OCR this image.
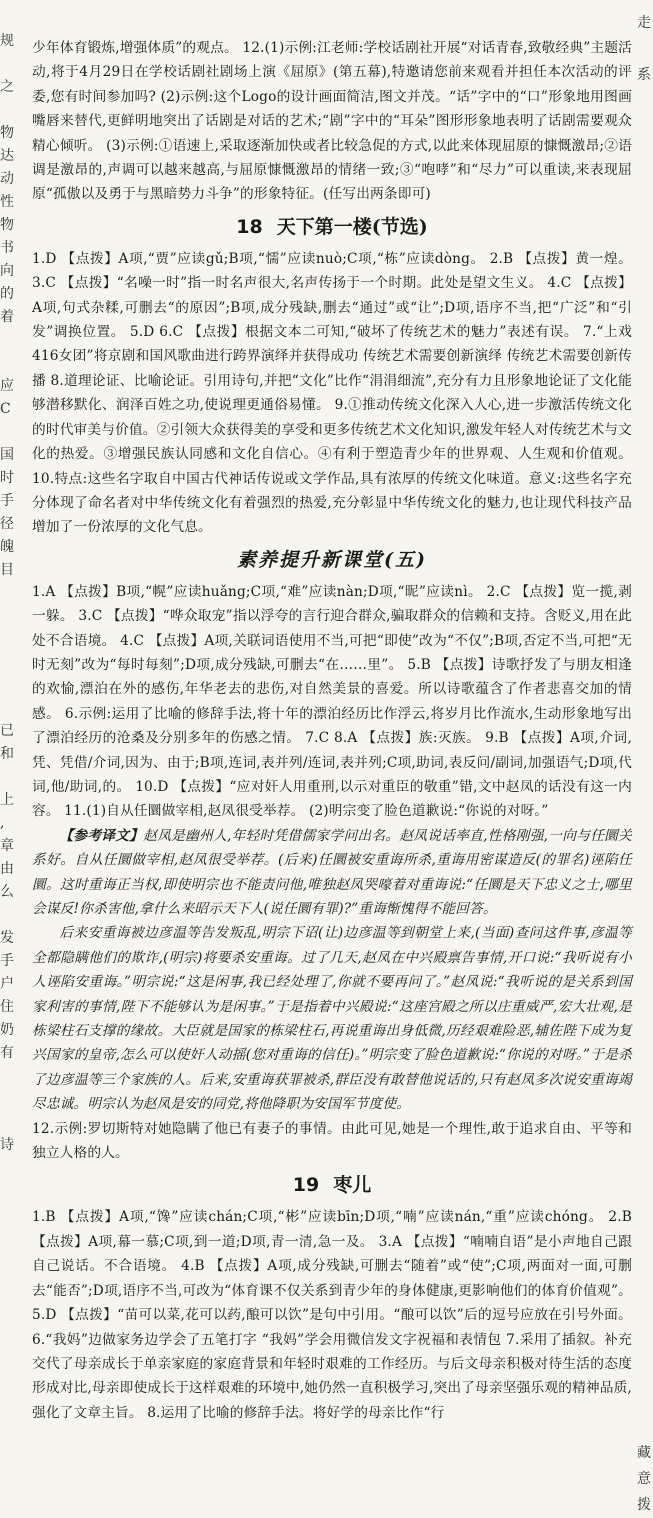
规

之

物
达
动
性
物
书
向
的
着

应
C

国
时
手
径
魄
目

已
和

上
,
章
由
么

发
手
户
住
奶
有

诗
走

系

藏
意
拨

少年体育锻炼,增强体质”的观点。 12.(1)示例:江老师:学校话剧社开展“对话青春,致敬经典”主题活动,将于4月29日在学校话剧社剧场上演《屈原》(第五幕),特邀请您前来观看并担任本次活动的评委,您有时间参加吗? (2)示例:这个Logo的设计画面简洁,图文并茂。“话”字中的“口”形象地用图画嘴唇来替代,更鲜明地突出了话剧是对话的艺术;“剧”字中的“耳朵”图形形象地表明了话剧需要观众精心倾听。 (3)示例:①语速上,采取逐渐加快或者比较急促的方式,以此来体现屈原的慷慨激昂;②语调是激昂的,声调可以越来越高,与屈原慷慨激昂的情绪一致;③“咆哮”和“尽力”可以重读,来表现屈原“孤傲以及勇于与黑暗势力斗争”的形象特征。(任写出两条即可)

18 天下第一楼(节选)

1.D 【点拨】A项,“贾”应读gǔ;B项,“懦”应读nuò;C项,“栋”应读dòng。 2.B 【点拨】黄一煌。 3.C 【点拨】“名噪一时”指一时名声很大,名声传扬于一个时期。此处是望文生义。 4.C 【点拨】A项,句式杂糅,可删去“的原因”;B项,成分残缺,删去“通过”或“让”;D项,语序不当,把“广泛”和“引发”调换位置。 5.D 6.C 【点拨】根据文本二可知,“破坏了传统艺术的魅力”表述有误。 7.“上戏416女团”将京剧和国风歌曲进行跨界演绎并获得成功 传统艺术需要创新演绎 传统艺术需要创新传播 8.道理论证、比喻论证。引用诗句,并把“文化”比作“涓涓细流”,充分有力且形象地论证了文化能够潜移默化、润泽百姓之功,使说理更通俗易懂。 9.①推动传统文化深入人心,进一步激活传统文化的时代审美与价值。②引领大众获得美的享受和更多传统艺术文化知识,激发年轻人对传统艺术与文化的热爱。③增强民族认同感和文化自信心。④有利于塑造青少年的世界观、人生观和价值观。 10.特点:这些名字取自中国古代神话传说或文学作品,具有浓厚的传统文化味道。意义:这些名字充分体现了命名者对中华传统文化有着强烈的热爱,充分彰显中华传统文化的魅力,也让现代科技产品增加了一份浓厚的文化气息。

素养提升新课堂(五)

1.A 【点拨】B项,“幌”应读huǎng;C项,“难”应读nàn;D项,“昵”应读nì。 2.C 【点拨】览一揽,剥一躲。 3.C 【点拨】“哗众取宠”指以浮夸的言行迎合群众,骗取群众的信赖和支持。含贬义,用在此处不合语境。 4.C 【点拨】A项,关联词语使用不当,可把“即使”改为“不仅”;B项,否定不当,可把“无时无刻”改为“每时每刻”;D项,成分残缺,可删去“在……里”。 5.B 【点拨】诗歌抒发了与朋友相逢的欢愉,漂泊在外的感伤,年华老去的悲伤,对自然美景的喜爱。所以诗歌蕴含了作者悲喜交加的情感。 6.示例:运用了比喻的修辞手法,将十年的漂泊经历比作浮云,将岁月比作流水,生动形象地写出了漂泊经历的沧桑及分别多年的伤感之情。 7.C 8.A 【点拨】族:灭族。 9.B 【点拨】A项,介词,凭、凭借/介词,因为、由于;B项,连词,表并列/连词,表并列;C项,助词,表反问/副词,加强语气;D项,代词,他/助词,的。 10.D 【点拨】“应对奸人用重刑,以示对重臣的敬重”错,文中赵凤的话没有这一内容。 11.(1)自从任圜做宰相,赵凤很受举荐。 (2)明宗变了脸色道歉说:“你说的对呀。”

【参考译文】赵凤是幽州人,年轻时凭借儒家学问出名。赵凤说话率直,性格刚强,一向与任圜关系好。自从任圜做宰相,赵凤很受举荐。(后来)任圜被安重诲所杀,重诲用密谋造反(的罪名)诬陷任圜。这时重诲正当权,即使明宗也不能责问他,唯独赵凤哭嚎着对重诲说:“任圜是天下忠义之士,哪里会谋反!你杀害他,拿什么来昭示天下人(说任圜有罪)?”重诲惭愧得不能回答。

后来安重诲被边彦温等告发叛乱,明宗下诏(让)边彦温等到朝堂上来,(当面)查问这件事,彦温等全都隐瞒他们的欺诈,(明宗)将要杀安重诲。过了几天,赵凤在中兴殿禀告事情,开口说:“我听说有小人诬陷安重诲。”明宗说:“这是闲事,我已经处理了,你就不要再问了。”赵凤说:“我听说的是关系到国家利害的事情,陛下不能够认为是闲事。”于是指着中兴殿说:“这座宫殿之所以庄重威严,宏大壮观,是栋梁柱石支撑的缘故。大臣就是国家的栋梁柱石,再说重诲出身低微,历经艰难险恶,辅佐陛下成为复兴国家的皇帝,怎么可以使奸人动摇(您对重诲的信任)。”明宗变了脸色道歉说:“你说的对呀。”于是杀了边彦温等三个家族的人。后来,安重诲获罪被杀,群臣没有敢替他说话的,只有赵凤多次说安重诲竭尽忠诚。明宗认为赵凤是安的同党,将他降职为安国军节度使。

12.示例:罗切斯特对她隐瞒了他已有妻子的事情。由此可见,她是一个理性,敢于追求自由、平等和独立人格的人。

19 枣儿

1.B 【点拨】A项,“馋”应读chán;C项,“彬”应读bīn;D项,“喃”应读nán,“重”应读chóng。 2.B 【点拨】A项,幕一慕;C项,到一道;D项,青一清,急一及。 3.A 【点拨】“喃喃自语”是小声地自己跟自己说话。不合语境。 4.B 【点拨】A项,成分残缺,可删去“随着”或“使”;C项,两面对一面,可删去“能否”;D项,语序不当,可改为“体育课不仅关系到青少年的身体健康,更影响他们的体育价值观”。 5.D 【点拨】“苗可以菜,花可以药,酿可以饮”是句中引用。“酿可以饮”后的逗号应放在引号外面。 6.“我妈”边做家务边学会了五笔打字 “我妈”学会用微信发文字祝福和表情包 7.采用了插叙。补充交代了母亲成长于单亲家庭的家庭背景和年轻时艰难的工作经历。与后文母亲积极对待生活的态度形成对比,母亲即使成长于这样艰难的环境中,她仍然一直积极学习,突出了母亲坚强乐观的精神品质,强化了文章主旨。 8.运用了比喻的修辞手法。将好学的母亲比作“行
